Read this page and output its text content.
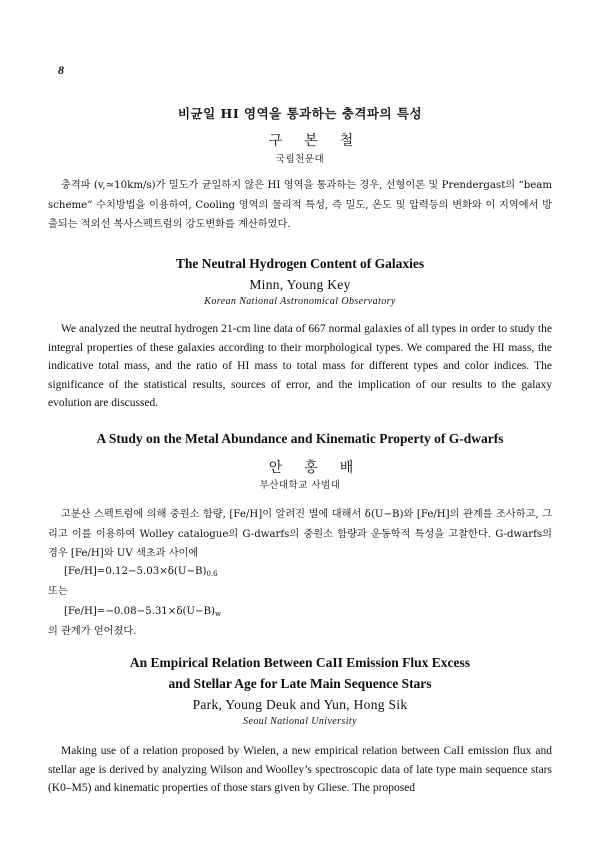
8
비균일 HI 영역을 통과하는 충격파의 특성
구본철
국립천문대
충격파 (v,≃10km/s)가 밀도가 균일하지 않은 HI 영역을 통과하는 경우, 선형이론 및 Prendergast의 “beam scheme” 수치방법을 이용하여, Cooling 영역의 물리적 특성, 즉 밀도, 온도 및 압력등의 변화와 이 지역에서 방출되는 적외선 복사스펙트럼의 강도변화를 계산하였다.
The Neutral Hydrogen Content of Galaxies
Minn, Young Key
Korean National Astronomical Observatory
We analyzed the neutral hydrogen 21-cm line data of 667 normal galaxies of all types in order to study the integral properties of these galaxies according to their morphological types. We compared the HI mass, the indicative total mass, and the ratio of HI mass to total mass for different types and color indices. The significance of the statistical results, sources of error, and the implication of our results to the galaxy evolution are discussed.
A Study on the Metal Abundance and Kinematic Property of G-dwarfs
안홍배
부산대학교 사범대
고분산 스펙트럼에 의해 중원소 함량, [Fe/H]이 알려진 별에 대해서 δ(U−B)와 [Fe/H]의 관계를 조사하고, 그리고 이를 이용하여 Wolley catalogue의 G-dwarfs의 중원소 함량과 운동학적 특성을 고찰한다. G-dwarfs의 경우 [Fe/H]와 UV 색초과 사이에
$[Fe/H]=0.12-5.03\times\delta(U-B)_{0.6}$
또는
$[Fe/H]=-0.08-5.31\times\delta(U-B)_w$
의 관계가 얻어졌다.
An Empirical Relation Between CaII Emission Flux Excess
and Stellar Age for Late Main Sequence Stars
Park, Young Deuk and Yun, Hong Sik
Seoul National University
Making use of a relation proposed by Wielen, a new empirical relation between CaII emission flux and stellar age is derived by analyzing Wilson and Woolley’s spectroscopic data of late type main sequence stars (K0–M5) and kinematic properties of those stars given by Gliese. The proposed
